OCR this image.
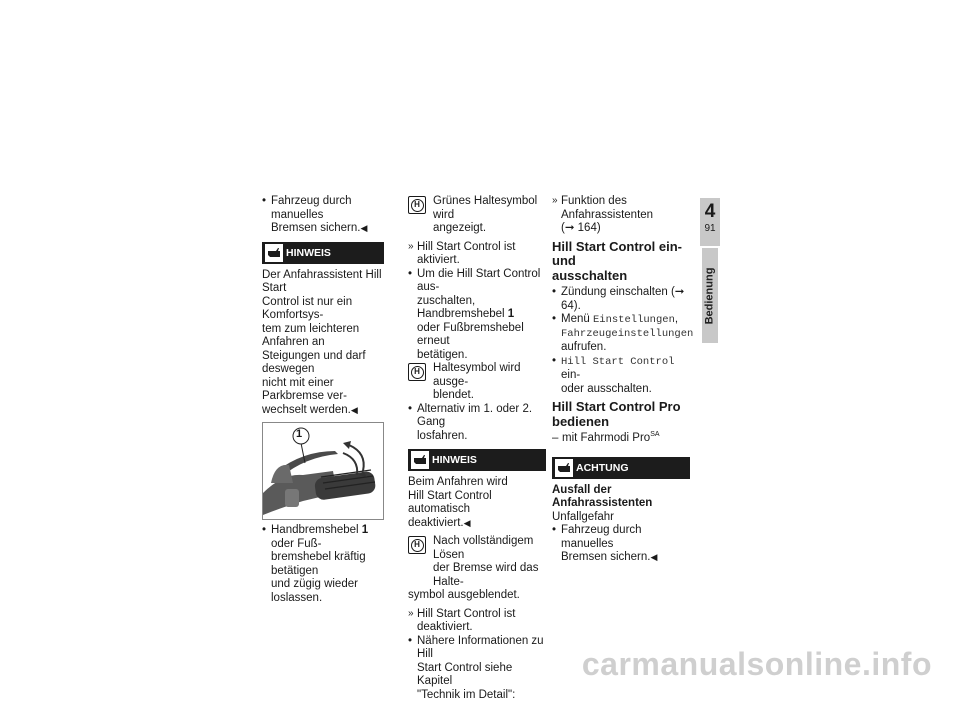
• Fahrzeug durch manuelles
Bremsen sichern.◀
HINWEIS
Der Anfahrassistent Hill Start
Control ist nur ein Komfortsys-
tem zum leichteren Anfahren an
Steigungen und darf deswegen
nicht mit einer Parkbremse ver-
wechselt werden.◀
1
• Handbremshebel 1 oder Fuß-
bremshebel kräftig betätigen
und zügig wieder loslassen.
H	Grünes Haltesymbol wird
angezeigt.
» Hill Start Control ist aktiviert.
• Um die Hill Start Control aus-
zuschalten, Handbremshebel 1
oder Fußbremshebel erneut
betätigen.
H	Haltesymbol wird ausge-
blendet.
• Alternativ im 1. oder 2. Gang
losfahren.
HINWEIS
Beim Anfahren wird
Hill Start Control automatisch
deaktiviert.◀
H	Nach vollständigem Lösen
der Bremse wird das Halte-
symbol ausgeblendet.
» Hill Start Control ist deaktiviert.
• Nähere Informationen zu Hill
Start Control siehe Kapitel
"Technik im Detail":
» Funktion des Anfahrassistenten
(➞ 164)
Hill Start Control ein- und
ausschalten
• Zündung einschalten (➞ 64).
• Menü Einstellungen,
Fahrzeugeinstellungen
aufrufen.
• Hill Start Control ein-
oder ausschalten.
Hill Start Control Pro
bedienen
– mit Fahrmodi Pro$^{SA}$
ACHTUNG
Ausfall der Anfahrassistenten
Unfallgefahr
• Fahrzeug durch manuelles
Bremsen sichern.◀
4
91
Bedienung
carmanualsonline.info
